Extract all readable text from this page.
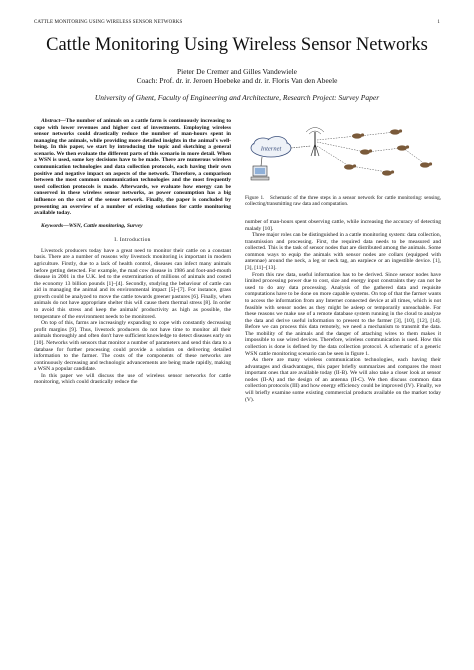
CATTLE MONITORING USING WIRELESS SENSOR NETWORKS	1
Cattle Monitoring Using Wireless Sensor Networks
Pieter De Cremer and Gilles Vandewiele
Coach: Prof. dr. ir. Jeroen Hoebeke and dr. ir. Floris Van den Abeele
University of Ghent, Faculty of Engineering and Architecture, Research Project: Survey Paper

Abstract—The number of animals on a cattle farm is continuously increasing to cope with lower revenues and higher cost of investments. Employing wireless sensor networks could drastically reduce the number of man-hours spent in managing the animals, while providing more detailed insights in the animal's well-being. In this paper, we start by introducing the topic and sketching a general scenario. We then evaluate the different parts of this scenario in more detail. When a WSN is used, some key decisions have to be made. There are numerous wireless communication technologies and data collection protocols, each having their own positive and negative impact on aspects of the network. Therefore, a comparison between the most common communication technologies and the most frequently used collection protocols is made. Afterwards, we evaluate how energy can be conserved in these wireless sensor networks, as power consumption has a big influence on the cost of the sensor network. Finally, the paper is concluded by presenting an overview of a number of existing solutions for cattle monitoring available today.

Keywords—WSN, Cattle monitoring, Survey

I. Introduction

Livestock producers today have a great need to monitor their cattle on a constant basis. There are a number of reasons why livestock monitoring is important in modern agriculture. Firstly, due to a lack of health control, diseases can infect many animals before getting detected. For example, the mad cow disease in 1986 and foot-and-mouth disease in 2001 in the U.K. led to the extermination of millions of animals and costed the economy 13 billion pounds [1]–[4]. Secondly, studying the behaviour of cattle can aid in managing the animal and its environmental impact [5]–[7]. For instance, grass growth could be analyzed to move the cattle towards greener pastures [6]. Finally, when animals do not have appropriate shelter this will cause them thermal stress [8]. In order to avoid this stress and keep the animals' productivity as high as possible, the temperature of the environment needs to be monitored.

On top of this, farms are increasingly expanding to cope with constantly decreasing profit margins [9]. Thus, livestock producers do not have time to monitor all their animals thoroughly and often don't have sufficient knowledge to detect diseases early on [10]. Networks with sensors that monitor a number of parameters and send this data to a database for further processing could provide a solution on delivering detailed information to the farmer. The costs of the components of these networks are continuously decreasing and technologic advancements are being made rapidly, making a WSN a popular candidate.

In this paper we will discuss the use of wireless sensor networks for cattle monitoring, which could drastically reduce the

Internet
Figure 1. Schematic of the three steps in a sensor network for cattle monitoring: sensing, collecting/transmitting raw data and computation.

number of man-hours spent observing cattle, while increasing the accuracy of detecting malady [10].

Three major roles can be distinguished in a cattle monitoring system: data collection, transmission and processing. First, the required data needs to be measured and collected. This is the task of sensor nodes that are distributed among the animals. Some common ways to equip the animals with sensor nodes are collars (equipped with antennae) around the neck, a leg or neck tag, an earpiece or an ingestible device. [1], [3], [11]–[13].

From this raw data, useful information has to be derived. Since sensor nodes have limited processing power due to cost, size and energy input constraints they can not be used to do any data processing. Analysis of the gathered data and requisite computations have to be done on more capable systems. On top of that the farmer wants to access the information from any Internet connected device at all times, which is not feasible with sensor nodes as they might be asleep or temporarily unreachable. For these reasons we make use of a remote database system running in the cloud to analyze the data and derive useful information to present to the farmer [3], [10], [12], [14]. Before we can process this data remotely, we need a mechanism to transmit the data. The mobility of the animals and the danger of attaching wires to them makes it impossible to use wired devices. Therefore, wireless communication is used. How this collection is done is defined by the data collection protocol. A schematic of a generic WSN cattle monitoring scenario can be seen in figure 1.

As there are many wireless communication technologies, each having their advantages and disadvantages, this paper briefly summarizes and compares the most important ones that are available today (II-B). We will also take a closer look at sensor nodes (II-A) and the design of an antenna (II-C). We then discuss common data collection protocols (III) and how energy efficiency could be improved (IV). Finally, we will briefly examine some existing commercial products available on the market today (V).
